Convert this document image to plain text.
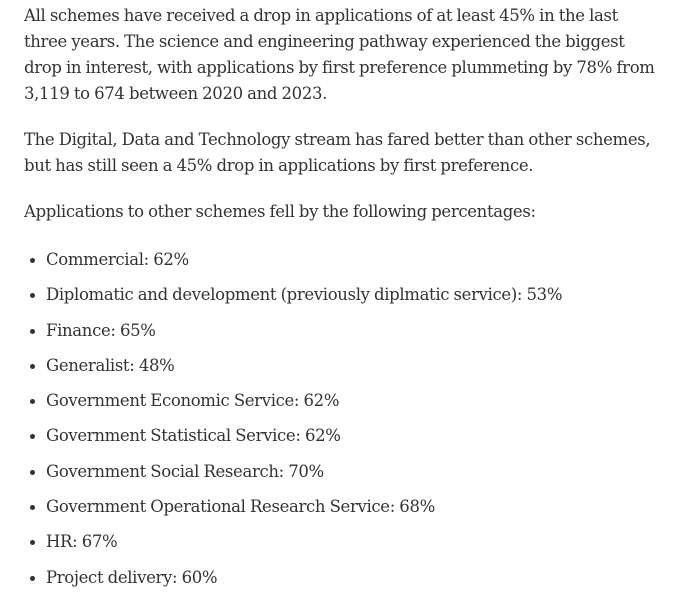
All schemes have received a drop in applications of at least 45% in the last three years. The science and engineering pathway experienced the biggest drop in interest, with applications by first preference plummeting by 78% from 3,119 to 674 between 2020 and 2023.

The Digital, Data and Technology stream has fared better than other schemes, but has still seen a 45% drop in applications by first preference.

Applications to other schemes fell by the following percentages:

Commercial: 62%
Diplomatic and development (previously diplmatic service): 53%
Finance: 65%
Generalist: 48%
Government Economic Service: 62%
Government Statistical Service: 62%
Government Social Research: 70%
Government Operational Research Service: 68%
HR: 67%
Project delivery: 60%
